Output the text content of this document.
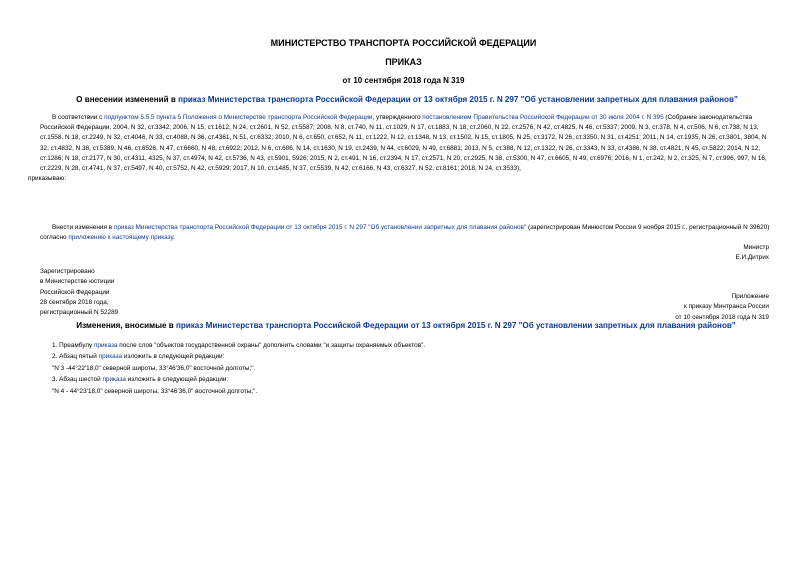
МИНИСТЕРСТВО ТРАНСПОРТА РОССИЙСКОЙ ФЕДЕРАЦИИ
ПРИКАЗ
от 10 сентября 2018 года N 319
О внесении изменений в приказ Министерства транспорта Российской Федерации от 13 октября 2015 г. N 297 "Об установлении запретных для плавания районов"
В соответствии с подпунктом 5.5.5 пункта 5 Положения о Министерстве транспорта Российской Федерации, утвержденного постановлением Правительства Российской Федерации от 30 июля 2004 г. N 395 (Собрание законодательства Российской Федерации, 2004, N 32, ст.3342; 2006, N 15, ст.1612, N 24, ст.2601, N 52, ст.5587; 2008, N 8, ст.740, N 11, ст.1029, N 17, ст.1883, N 18, ст.2060, N 22, ст.2576, N 42, ст.4825, N 46, ст.5337; 2009, N 3, ст.378, N 4, ст.506, N 6, ст.738, N 13, ст.1558, N 18, ст.2249, N 32, ст.4046, N 33, ст.4088, N 36, ст.4361, N 51, ст.6332; 2010, N 6, ст.650, ст.652, N 11, ст.1222, N 12, ст.1348, N 13, ст.1502, N 15, ст.1805, N 25, ст.3172, N 26, ст.3350, N 31, ст.4251; 2011, N 14, ст.1935, N 26, ст.3801, 3804, N 32, ст.4832, N 38, ст.5389, N 46, ст.6526, N 47, ст.6660, N 48, ст.6922; 2012, N 6, ст.686, N 14, ст.1630, N 19, ст.2439, N 44, ст.6029, N 49, ст.6881; 2013, N 5, ст.388, N 12, ст.1322, N 26, ст.3343, N 33, ст.4386, N 38, ст.4821, N 45, ст.5822; 2014, N 12, ст.1286; N 18, ст.2177, N 30, ст.4311, 4325, N 37, ст.4974, N 42, ст.5736, N 43, ст.5901, 5926; 2015, N 2, ст.491, N 16, ст.2394, N 17, ст.2571, N 20, ст.2925, N 38, ст.5300, N 47, ст.6605, N 49, ст.6976; 2016, N 1, ст.242, N 2, ст.325, N 7, ст.996, 997, N 16, ст.2229, N 28, ст.4741, N 37, ст.5497, N 40, ст.5752, N 42, ст.5929; 2017, N 10, ст.1485, N 37, ст.5539, N 42, ст.6166, N 43, ст.6327, N 52, ст.8161; 2018, N 24, ст.3533),
приказываю:
Внести изменения в приказ Министерства транспорта Российской Федерации от 13 октября 2015 г. N 297 "Об установлении запретных для плавания районов" (зарегистрирован Минюстом России 9 ноября 2015 г., регистрационный N 39620) согласно приложению к настоящему приказу.
Министр
Е.И.Дитрих
Зарегистрировано
в Министерстве юстиции
Российской Федерации
28 сентября 2018 года,
регистрационный N 52289
Приложение
к приказу Минтранса России
от 10 сентября 2018 года N 319
Изменения, вносимые в приказ Министерства транспорта Российской Федерации от 13 октября 2015 г. N 297 "Об установлении запретных для плавания районов"
1. Преамбулу приказа после слов "объектов государственной охраны" дополнить словами "и защиты охраняемых объектов".
2. Абзац пятый приказа изложить в следующей редакции:
"N 3 -44°22'18,0" северной широты, 33°46'36,0" восточной долготы;".
3. Абзац шестой приказа изложить в следующей редакции:
"N 4 - 44°23'18,0" северной широты, 33°46'36,0" восточной долготы;".
